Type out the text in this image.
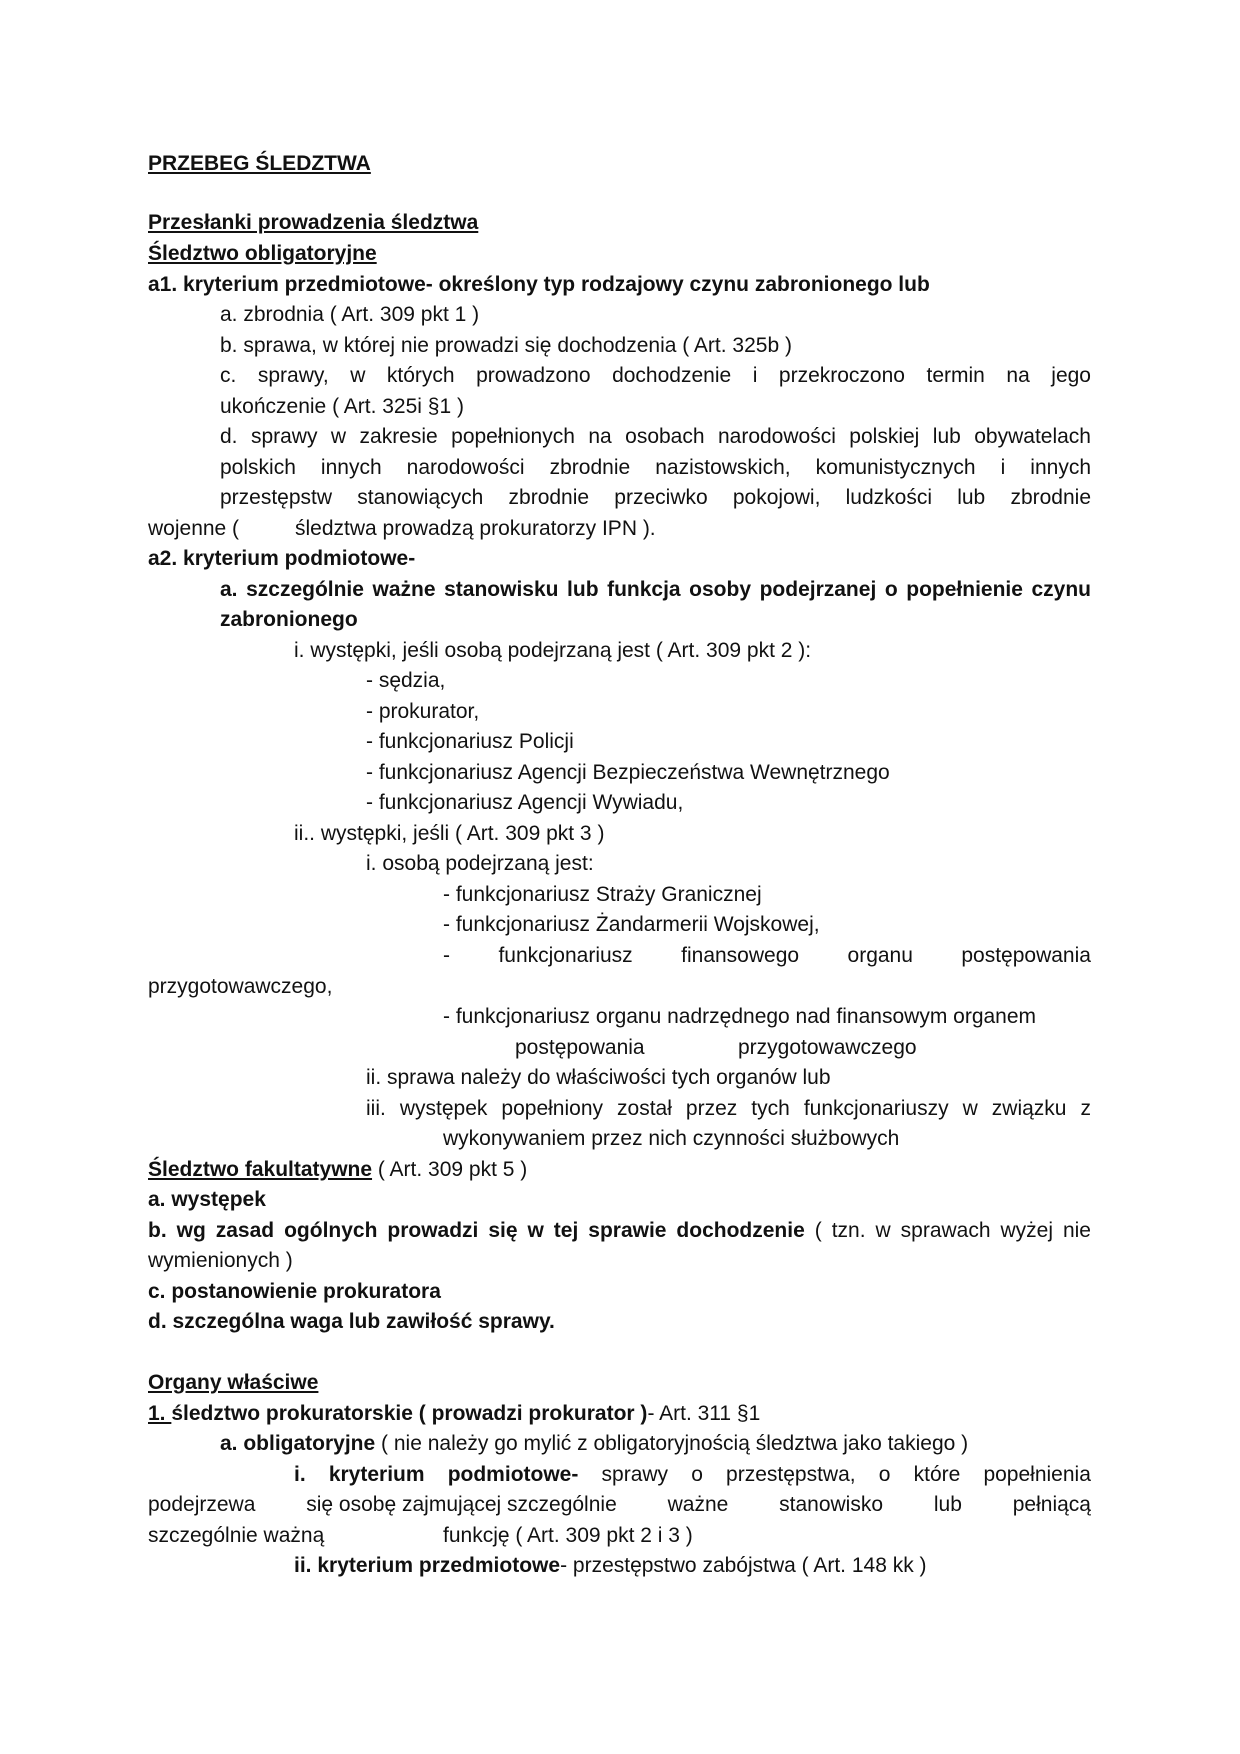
PRZEBEG ŚLEDZTWA
Przesłanki prowadzenia śledztwa
Śledztwo obligatoryjne
a1. kryterium przedmiotowe- określony typ rodzajowy czynu zabronionego lub
a. zbrodnia ( Art. 309 pkt 1 )
b. sprawa, w której nie prowadzi się dochodzenia ( Art. 325b )
c. sprawy, w których prowadzono dochodzenie i przekroczono termin na jego
ukończenie ( Art. 325i §1 )
d. sprawy w zakresie popełnionych na osobach narodowości polskiej lub obywatelach
polskich innych narodowości zbrodnie nazistowskich, komunistycznych i innych
przestępstw stanowiących zbrodnie przeciwko pokojowi, ludzkości lub zbrodnie
wojenne (	śledztwa prowadzą prokuratorzy IPN ).
a2. kryterium podmiotowe-
a. szczególnie ważne stanowisku lub funkcja osoby podejrzanej o popełnienie czynu
zabronionego
i. występki, jeśli osobą podejrzaną jest ( Art. 309 pkt 2 ):
- sędzia,
- prokurator,
- funkcjonariusz Policji
- funkcjonariusz Agencji Bezpieczeństwa Wewnętrznego
- funkcjonariusz Agencji Wywiadu,
ii.. występki, jeśli ( Art. 309 pkt 3 )
i. osobą podejrzaną jest:
- funkcjonariusz Straży Granicznej
- funkcjonariusz Żandarmerii Wojskowej,
- funkcjonariusz finansowego organu postępowania
przygotowawczego,
- funkcjonariusz organu nadrzędnego nad finansowym organem
postępowania	przygotowawczego
ii. sprawa należy do właściwości tych organów lub
iii. występek popełniony został przez tych funkcjonariuszy w związku z
wykonywaniem przez nich czynności służbowych
Śledztwo fakultatywne ( Art. 309 pkt 5 )
a. występek
b. wg zasad ogólnych prowadzi się w tej sprawie dochodzenie ( tzn. w sprawach wyżej nie
wymienionych )
c. postanowienie prokuratora
d. szczególna waga lub zawiłość sprawy.
Organy właściwe
1. śledztwo prokuratorskie ( prowadzi prokurator )- Art. 311 §1
a. obligatoryjne ( nie należy go mylić z obligatoryjnością śledztwa jako takiego )
i. kryterium podmiotowe- sprawy o przestępstwa, o które popełnienia
podejrzewa się osobę zajmującej szczególnie ważne stanowisko lub pełniącą
szczególnie ważną	funkcję ( Art. 309 pkt 2 i 3 )
ii. kryterium przedmiotowe- przestępstwo zabójstwa ( Art. 148 kk )
